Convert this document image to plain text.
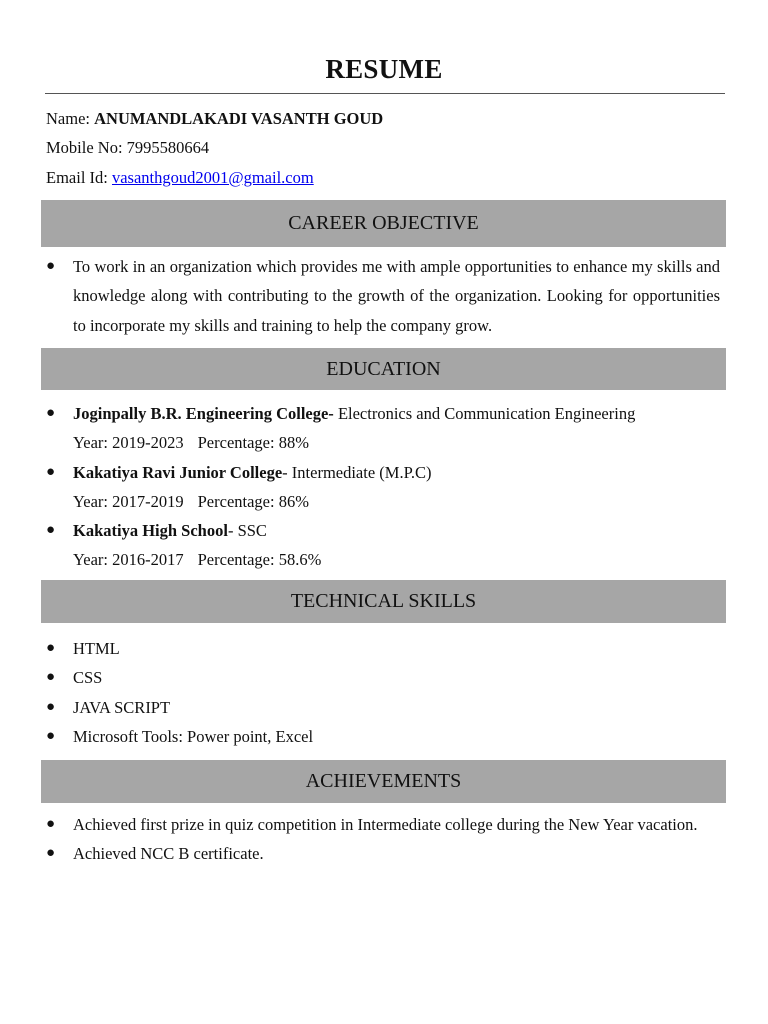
RESUME
Name: ANUMANDLAKADI VASANTH GOUD
Mobile No: 7995580664
Email Id: vasanthgoud2001@gmail.com
CAREER OBJECTIVE
● To work in an organization which provides me with ample opportunities to enhance my skills and knowledge along with contributing to the growth of the organization. Looking for opportunities to incorporate my skills and training to help the company grow.
EDUCATION
● Joginpally B.R. Engineering College- Electronics and Communication Engineering
Year: 2019-2023 Percentage: 88%
● Kakatiya Ravi Junior College- Intermediate (M.P.C)
Year: 2017-2019 Percentage: 86%
● Kakatiya High School- SSC
Year: 2016-2017 Percentage: 58.6%
TECHNICAL SKILLS
● HTML
● CSS
● JAVA SCRIPT
● Microsoft Tools: Power point, Excel
ACHIEVEMENTS
● Achieved first prize in quiz competition in Intermediate college during the New Year vacation.
● Achieved NCC B certificate.
